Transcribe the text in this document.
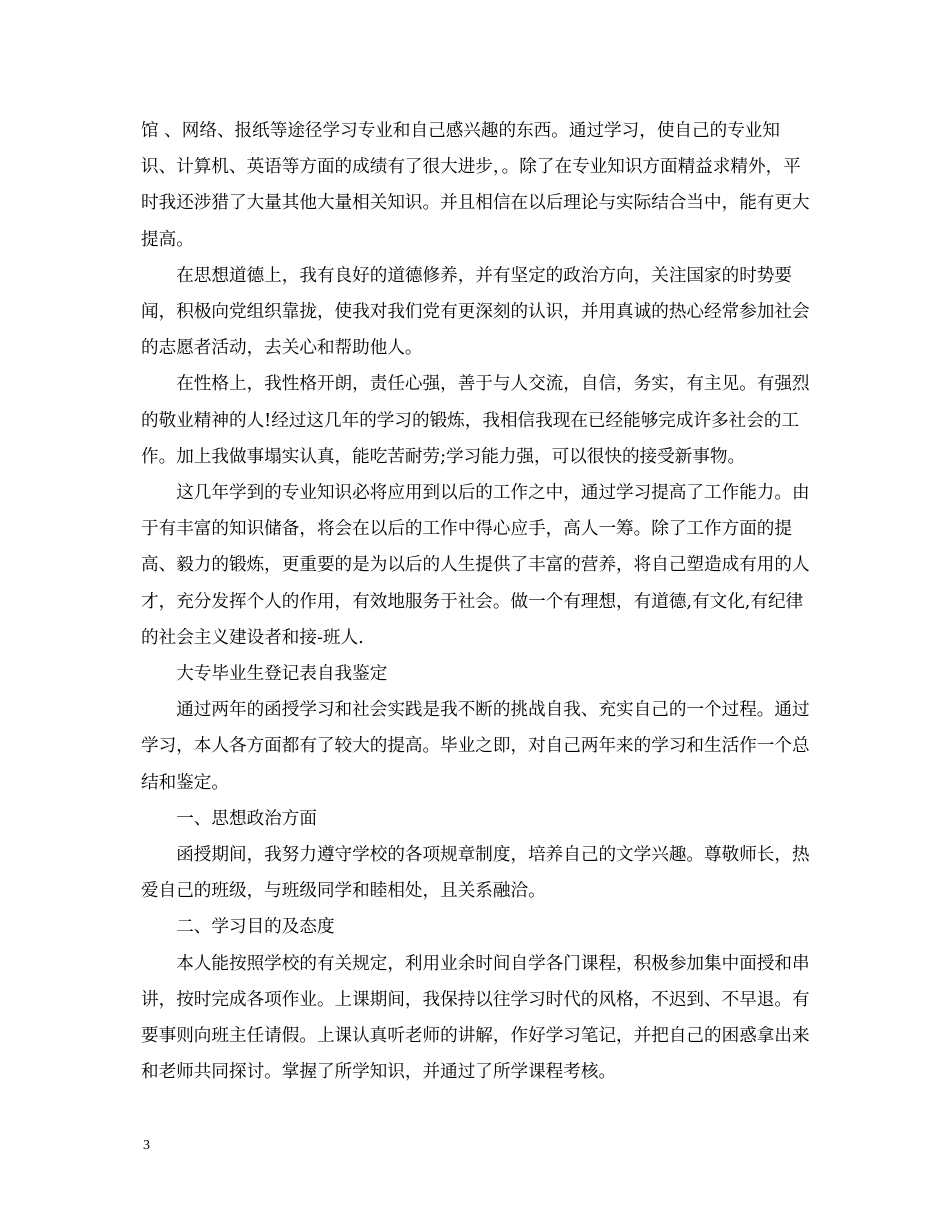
馆 、网络、报纸等途径学习专业和自己感兴趣的东西。通过学习，使自己的专业知识、计算机、英语等方面的成绩有了很大进步，。除了在专业知识方面精益求精外，平时我还涉猎了大量其他大量相关知识。并且相信在以后理论与实际结合当中，能有更大提高。

在思想道德上，我有良好的道德修养，并有坚定的政治方向，关注国家的时势要闻，积极向党组织靠拢，使我对我们党有更深刻的认识，并用真诚的热心经常参加社会的志愿者活动，去关心和帮助他人。

在性格上，我性格开朗，责任心强，善于与人交流，自信，务实，有主见。有强烈的敬业精神的人!经过这几年的学习的锻炼，我相信我现在已经能够完成许多社会的工作。加上我做事塌实认真，能吃苦耐劳;学习能力强，可以很快的接受新事物。

这几年学到的专业知识必将应用到以后的工作之中，通过学习提高了工作能力。由于有丰富的知识储备，将会在以后的工作中得心应手，高人一筹。除了工作方面的提高、毅力的锻炼，更重要的是为以后的人生提供了丰富的营养，将自己塑造成有用的人才，充分发挥个人的作用，有效地服务于社会。做一个有理想，有道德,有文化,有纪律的社会主义建设者和接-班人.

大专毕业生登记表自我鉴定

通过两年的函授学习和社会实践是我不断的挑战自我、充实自己的一个过程。通过学习，本人各方面都有了较大的提高。毕业之即，对自己两年来的学习和生活作一个总结和鉴定。

一、思想政治方面

函授期间，我努力遵守学校的各项规章制度，培养自己的文学兴趣。尊敬师长，热爱自己的班级，与班级同学和睦相处，且关系融洽。

二、学习目的及态度

本人能按照学校的有关规定，利用业余时间自学各门课程，积极参加集中面授和串讲，按时完成各项作业。上课期间，我保持以往学习时代的风格，不迟到、不早退。有要事则向班主任请假。上课认真听老师的讲解，作好学习笔记，并把自己的困惑拿出来和老师共同探讨。掌握了所学知识，并通过了所学课程考核。

3
